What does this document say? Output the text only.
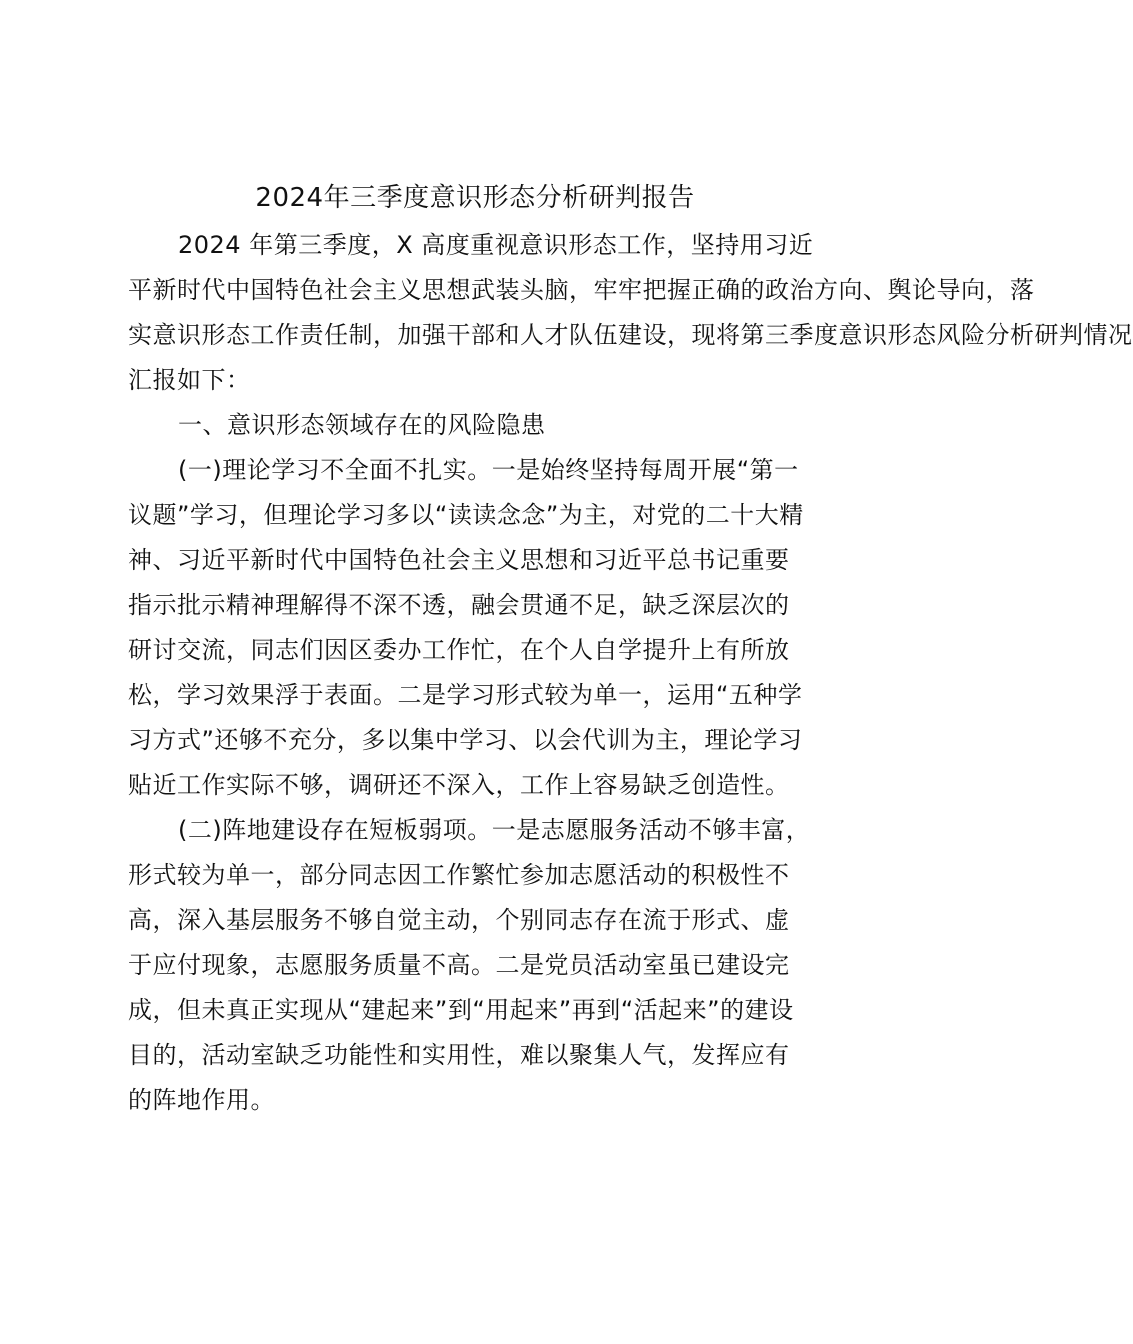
2024年三季度意识形态分析研判报告
2024 年第三季度，X 高度重视意识形态工作，坚持用习近
平新时代中国特色社会主义思想武装头脑，牢牢把握正确的政治方向、舆论导向，落
实意识形态工作责任制，加强干部和人才队伍建设，现将第三季度意识形态风险分析研判情况
汇报如下：
一、意识形态领域存在的风险隐患
(一)理论学习不全面不扎实。一是始终坚持每周开展“第一
议题”学习，但理论学习多以“读读念念”为主，对党的二十大精
神、习近平新时代中国特色社会主义思想和习近平总书记重要
指示批示精神理解得不深不透，融会贯通不足，缺乏深层次的
研讨交流，同志们因区委办工作忙，在个人自学提升上有所放
松，学习效果浮于表面。二是学习形式较为单一，运用“五种学
习方式”还够不充分，多以集中学习、以会代训为主，理论学习
贴近工作实际不够，调研还不深入，工作上容易缺乏创造性。
(二)阵地建设存在短板弱项。一是志愿服务活动不够丰富，
形式较为单一，部分同志因工作繁忙参加志愿活动的积极性不
高，深入基层服务不够自觉主动，个别同志存在流于形式、虚
于应付现象，志愿服务质量不高。二是党员活动室虽已建设完
成，但未真正实现从“建起来”到“用起来”再到“活起来”的建设
目的，活动室缺乏功能性和实用性，难以聚集人气，发挥应有
的阵地作用。
